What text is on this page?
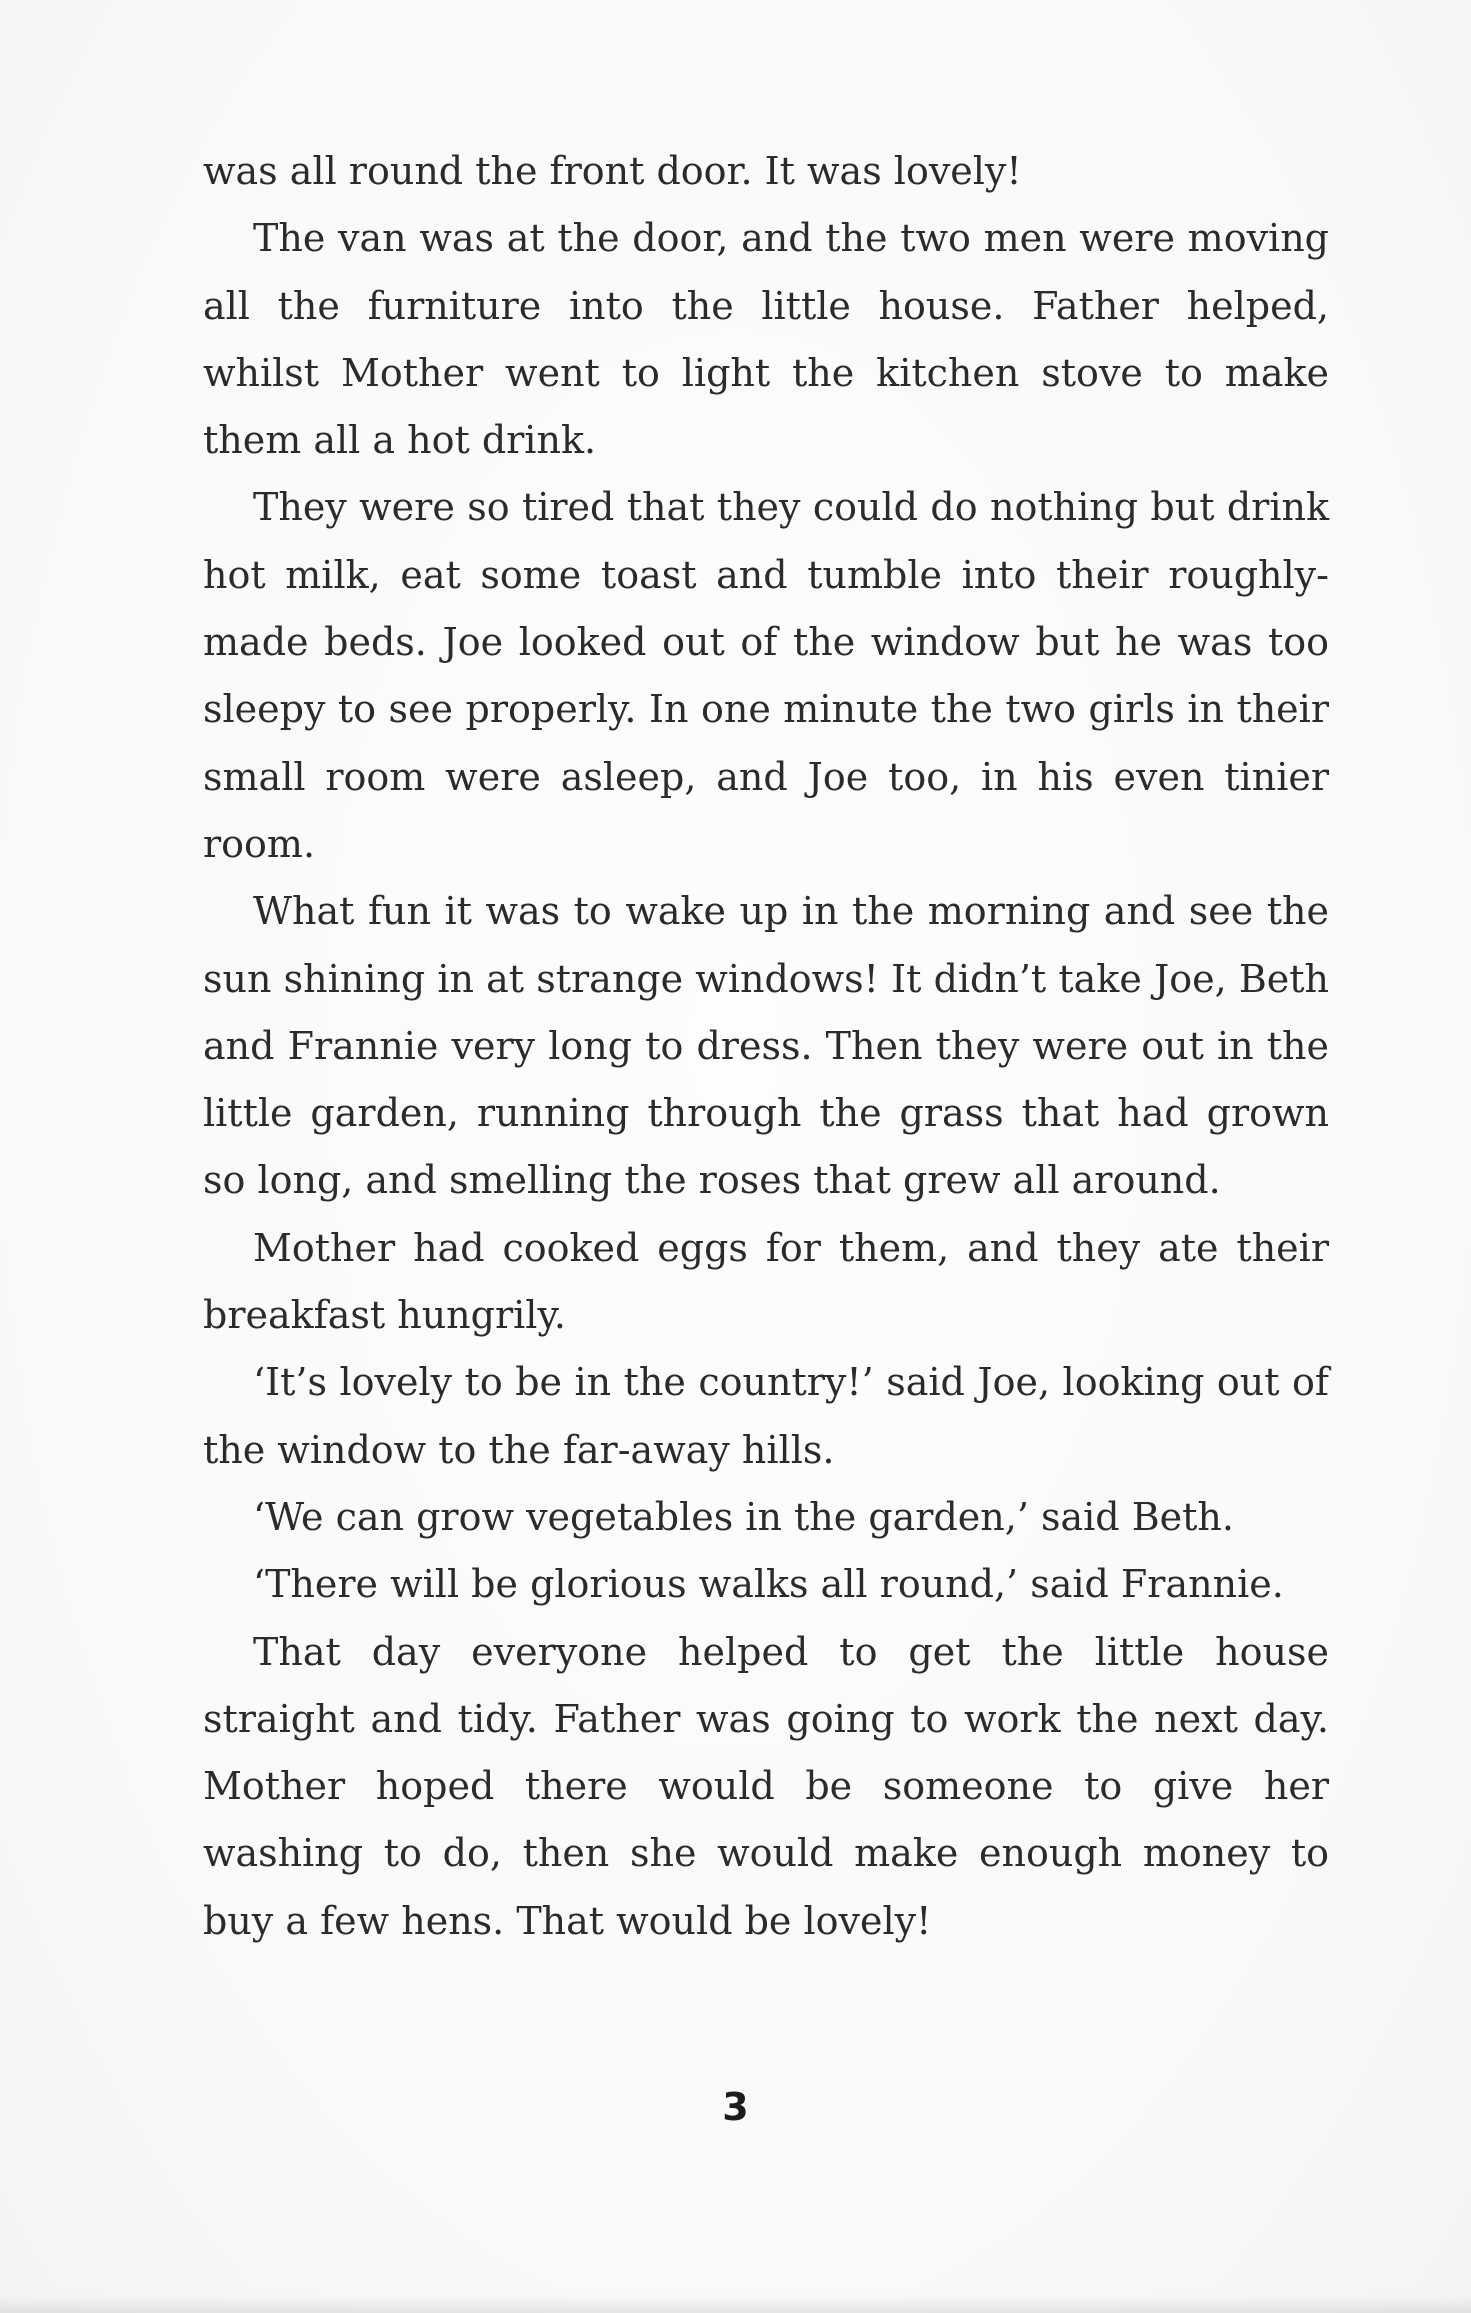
was all round the front door. It was lovely!

The van was at the door, and the two men were moving all the furniture into the little house. Father helped, whilst Mother went to light the kitchen stove to make them all a hot drink.

They were so tired that they could do nothing but drink hot milk, eat some toast and tumble into their roughly-made beds. Joe looked out of the window but he was too sleepy to see properly. In one minute the two girls in their small room were asleep, and Joe too, in his even tinier room.

What fun it was to wake up in the morning and see the sun shining in at strange windows! It didn’t take Joe, Beth and Frannie very long to dress. Then they were out in the little garden, running through the grass that had grown so long, and smelling the roses that grew all around.

Mother had cooked eggs for them, and they ate their breakfast hungrily.

‘It’s lovely to be in the country!’ said Joe, looking out of the window to the far-away hills.

‘We can grow vegetables in the garden,’ said Beth.

‘There will be glorious walks all round,’ said Frannie.

That day everyone helped to get the little house straight and tidy. Father was going to work the next day. Mother hoped there would be someone to give her washing to do, then she would make enough money to buy a few hens. That would be lovely!

3
